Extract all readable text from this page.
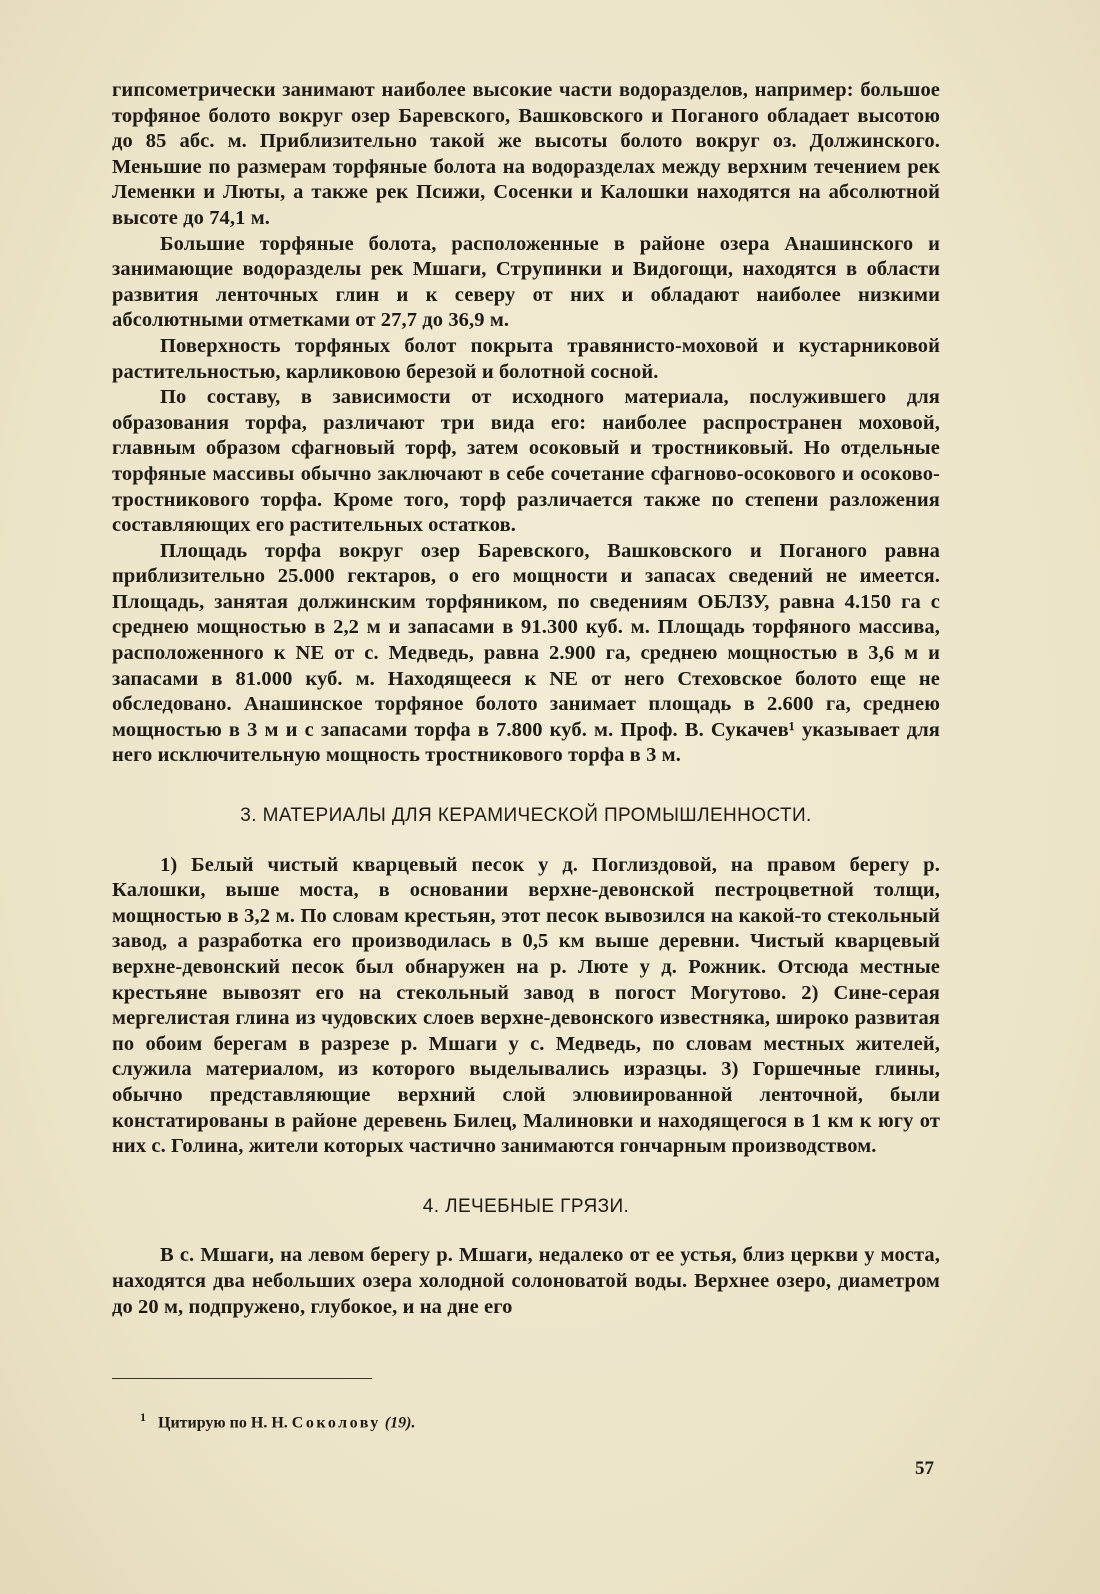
гипсометрически занимают наиболее высокие части водоразделов, например: большое торфяное болото вокруг озер Баревского, Вашковского и Поганого обладает высотою до 85 абс. м. Приблизительно такой же высоты болото вокруг оз. Должинского. Меньшие по размерам торфяные болота на водоразделах между верхним течением рек Леменки и Люты, а также рек Псижи, Сосенки и Калошки находятся на абсолютной высоте до 74,1 м.

Большие торфяные болота, расположенные в районе озера Анашинского и занимающие водоразделы рек Мшаги, Струпинки и Видогощи, находятся в области развития ленточных глин и к северу от них и обладают наиболее низкими абсолютными отметками от 27,7 до 36,9 м.

Поверхность торфяных болот покрыта травянисто-моховой и кустарниковой растительностью, карликовою березой и болотной сосной.

По составу, в зависимости от исходного материала, послужившего для образования торфа, различают три вида его: наиболее распространен моховой, главным образом сфагновый торф, затем осоковый и тростниковый. Но отдельные торфяные массивы обычно заключают в себе сочетание сфагново-осокового и осоково-тростникового торфа. Кроме того, торф различается также по степени разложения составляющих его растительных остатков.

Площадь торфа вокруг озер Баревского, Вашковского и Поганого равна приблизительно 25.000 гектаров, о его мощности и запасах сведений не имеется. Площадь, занятая должинским торфяником, по сведениям ОБЛЗУ, равна 4.150 га с среднею мощностью в 2,2 м и запасами в 91.300 куб. м. Площадь торфяного массива, расположенного к NE от с. Медведь, равна 2.900 га, среднею мощностью в 3,6 м и запасами в 81.000 куб. м. Находящееся к NE от него Стеховское болото еще не обследовано. Анашинское торфяное болото занимает площадь в 2.600 га, среднею мощностью в 3 м и с запасами торфа в 7.800 куб. м. Проф. В. Сукачев¹ указывает для него исключительную мощность тростникового торфа в 3 м.

3. МАТЕРИАЛЫ ДЛЯ КЕРАМИЧЕСКОЙ ПРОМЫШЛЕННОСТИ.

1) Белый чистый кварцевый песок у д. Поглиздовой, на правом берегу р. Калошки, выше моста, в основании верхне-девонской пестроцветной толщи, мощностью в 3,2 м. По словам крестьян, этот песок вывозился на какой-то стекольный завод, а разработка его производилась в 0,5 км выше деревни. Чистый кварцевый верхне-девонский песок был обнаружен на р. Люте у д. Рожник. Отсюда местные крестьяне вывозят его на стекольный завод в погост Могутово. 2) Сине-серая мергелистая глина из чудовских слоев верхне-девонского известняка, широко развитая по обоим берегам в разрезе р. Мшаги у с. Медведь, по словам местных жителей, служила материалом, из которого выделывались изразцы. 3) Горшечные глины, обычно представляющие верхний слой элювиированной ленточной, были констатированы в районе деревень Билец, Малиновки и находящегося в 1 км к югу от них с. Голина, жители которых частично занимаются гончарным производством.

4. ЛЕЧЕБНЫЕ ГРЯЗИ.

В с. Мшаги, на левом берегу р. Мшаги, недалеко от ее устья, близ церкви у моста, находятся два небольших озера холодной солоноватой воды. Верхнее озеро, диаметром до 20 м, подпружено, глубокое, и на дне его

$^1$ Цитирую по Н. Н. Соколову (19).
57
